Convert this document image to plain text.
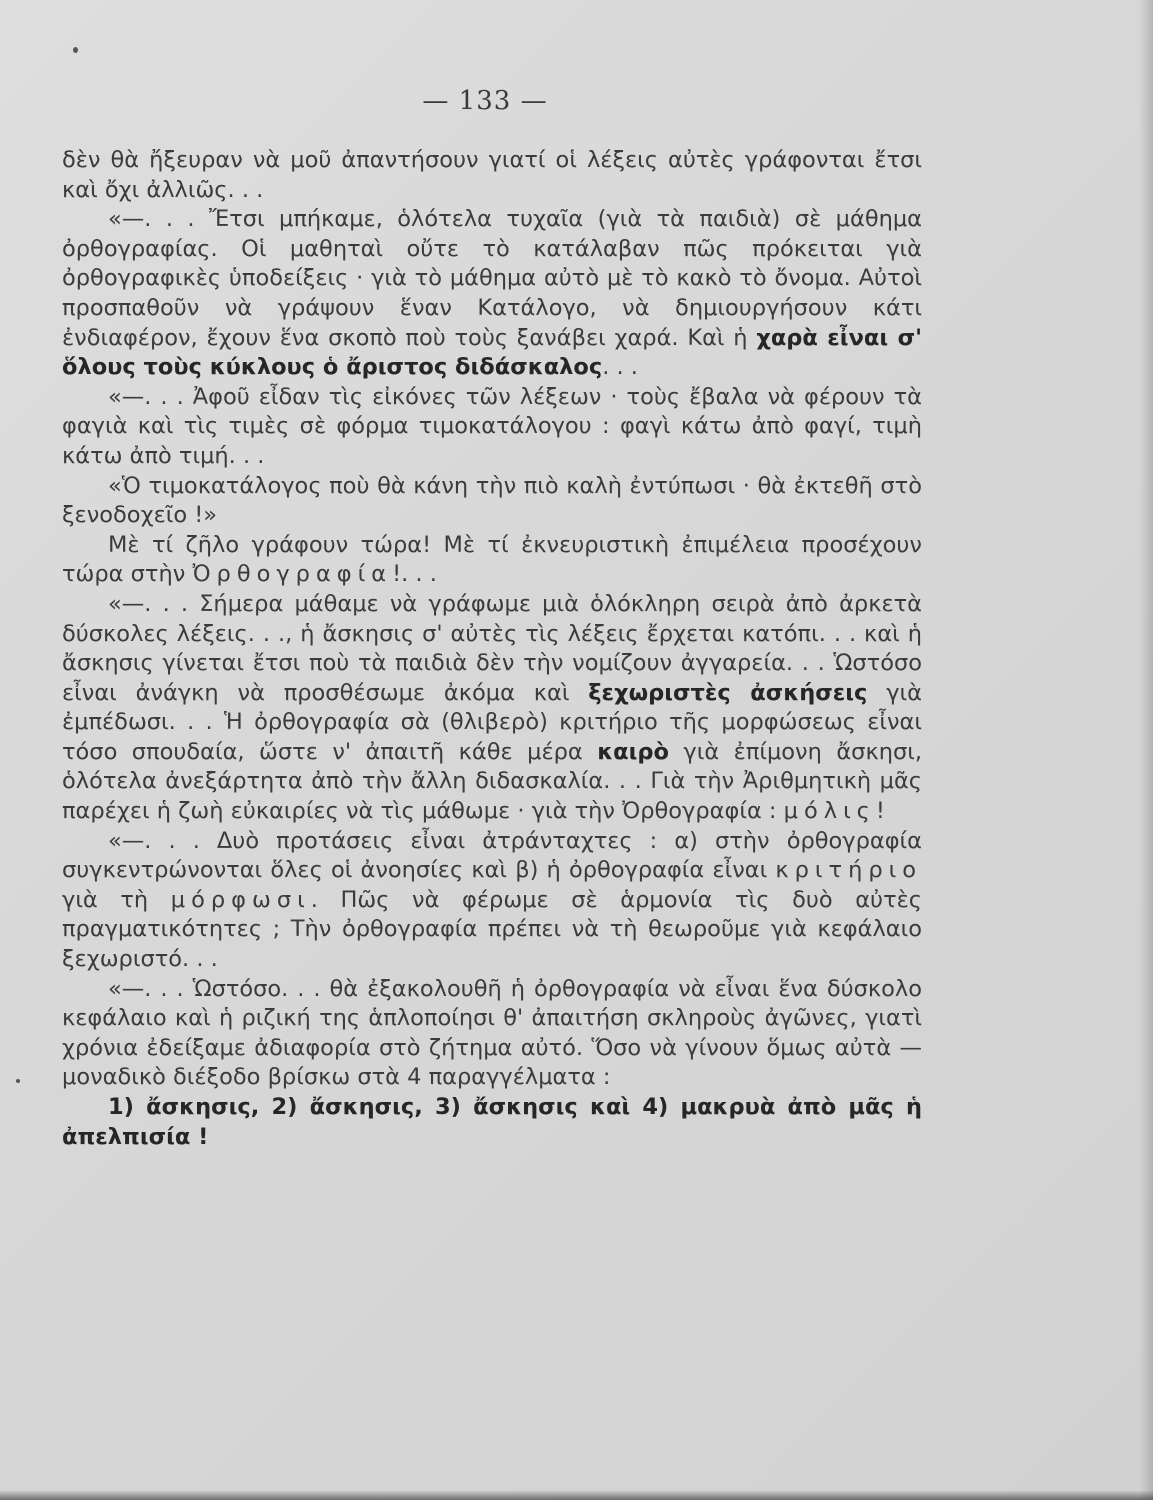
— 133 —

δὲν θὰ ἤξευραν νὰ μοῦ ἀπαντήσουν γιατί οἱ λέξεις αὐτὲς γράφονται ἔτσι καὶ ὄχι ἀλλιῶς. . .

«—. . . Ἔτσι μπήκαμε, ὁλότελα τυχαῖα (γιὰ τὰ παιδιὰ) σὲ μάθημα ὀρθογραφίας. Οἱ μαθηταὶ οὔτε τὸ κατάλαβαν πῶς πρόκειται γιὰ ὀρθογραφικὲς ὑποδείξεις · γιὰ τὸ μάθημα αὐτὸ μὲ τὸ κακὸ τὸ ὄνομα. Αὐτοὶ προσπαθοῦν νὰ γράψουν ἕναν Κατάλογο, νὰ δημιουργήσουν κάτι ἐνδιαφέρον, ἔχουν ἕνα σκοπὸ ποὺ τοὺς ξανάβει χαρά. Καὶ ἡ χαρὰ εἶναι σ' ὅλους τοὺς κύκλους ὁ ἄριστος διδάσκαλος. . .

«—. . . Ἀφοῦ εἶδαν τὶς εἰκόνες τῶν λέξεων · τοὺς ἔβαλα νὰ φέρουν τὰ φαγιὰ καὶ τὶς τιμὲς σὲ φόρμα τιμοκατάλογου : φαγὶ κάτω ἀπὸ φαγί, τιμὴ κάτω ἀπὸ τιμή. . .

«Ὁ τιμοκατάλογος ποὺ θὰ κάνη τὴν πιὸ καλὴ ἐντύπωσι · θὰ ἐκτεθῆ στὸ ξενοδοχεῖο !»

Μὲ τί ζῆλο γράφουν τώρα! Μὲ τί ἐκνευριστικὴ ἐπιμέλεια προσέχουν τώρα στὴν Ὀρθογραφία!. . .

«—. . . Σήμερα μάθαμε νὰ γράφωμε μιὰ ὁλόκληρη σειρὰ ἀπὸ ἀρκετὰ δύσκολες λέξεις. . ., ἡ ἄσκησις σ' αὐτὲς τὶς λέξεις ἔρχεται κατόπι. . . καὶ ἡ ἄσκησις γίνεται ἔτσι ποὺ τὰ παιδιὰ δὲν τὴν νομίζουν ἀγγαρεία. . . Ὡστόσο εἶναι ἀνάγκη νὰ προσθέσωμε ἀκόμα καὶ ξεχωριστὲς ἀσκήσεις γιὰ ἐμπέδωσι. . . Ἡ ὀρθογραφία σὰ (θλιβερὸ) κριτήριο τῆς μορφώσεως εἶναι τόσο σπουδαία, ὥστε ν' ἀπαιτῆ κάθε μέρα καιρὸ γιὰ ἐπίμονη ἄσκησι, ὁλότελα ἀνεξάρτητα ἀπὸ τὴν ἄλλη διδασκαλία. . . Γιὰ τὴν Ἀριθμητικὴ μᾶς παρέχει ἡ ζωὴ εὐκαιρίες νὰ τὶς μάθωμε · γιὰ τὴν Ὀρθογραφία : μόλις!

«—. . . Δυὸ προτάσεις εἶναι ἀτράνταχτες : α) στὴν ὀρθογραφία συγκεντρώνονται ὅλες οἱ ἀνοησίες καὶ β) ἡ ὀρθογραφία εἶναι κριτήριο γιὰ τὴ μόρφωσι. Πῶς νὰ φέρωμε σὲ ἁρμονία τὶς δυὸ αὐτὲς πραγματικότητες ; Τὴν ὀρθογραφία πρέπει νὰ τὴ θεωροῦμε γιὰ κεφάλαιο ξεχωριστό. . .

«—. . . Ὡστόσο. . . θὰ ἐξακολουθῆ ἡ ὀρθογραφία νὰ εἶναι ἕνα δύσκολο κεφάλαιο καὶ ἡ ριζική της ἁπλοποίησι θ' ἀπαιτήση σκληροὺς ἀγῶνες, γιατὶ χρόνια ἐδείξαμε ἀδιαφορία στὸ ζήτημα αὐτό. Ὅσο νὰ γίνουν ὅμως αὐτὰ — μοναδικὸ διέξοδο βρίσκω στὰ 4 παραγγέλματα :

1) ἄσκησις, 2) ἄσκησις, 3) ἄσκησις καὶ 4) μακρυὰ ἀπὸ μᾶς ἡ ἀπελπισία !
